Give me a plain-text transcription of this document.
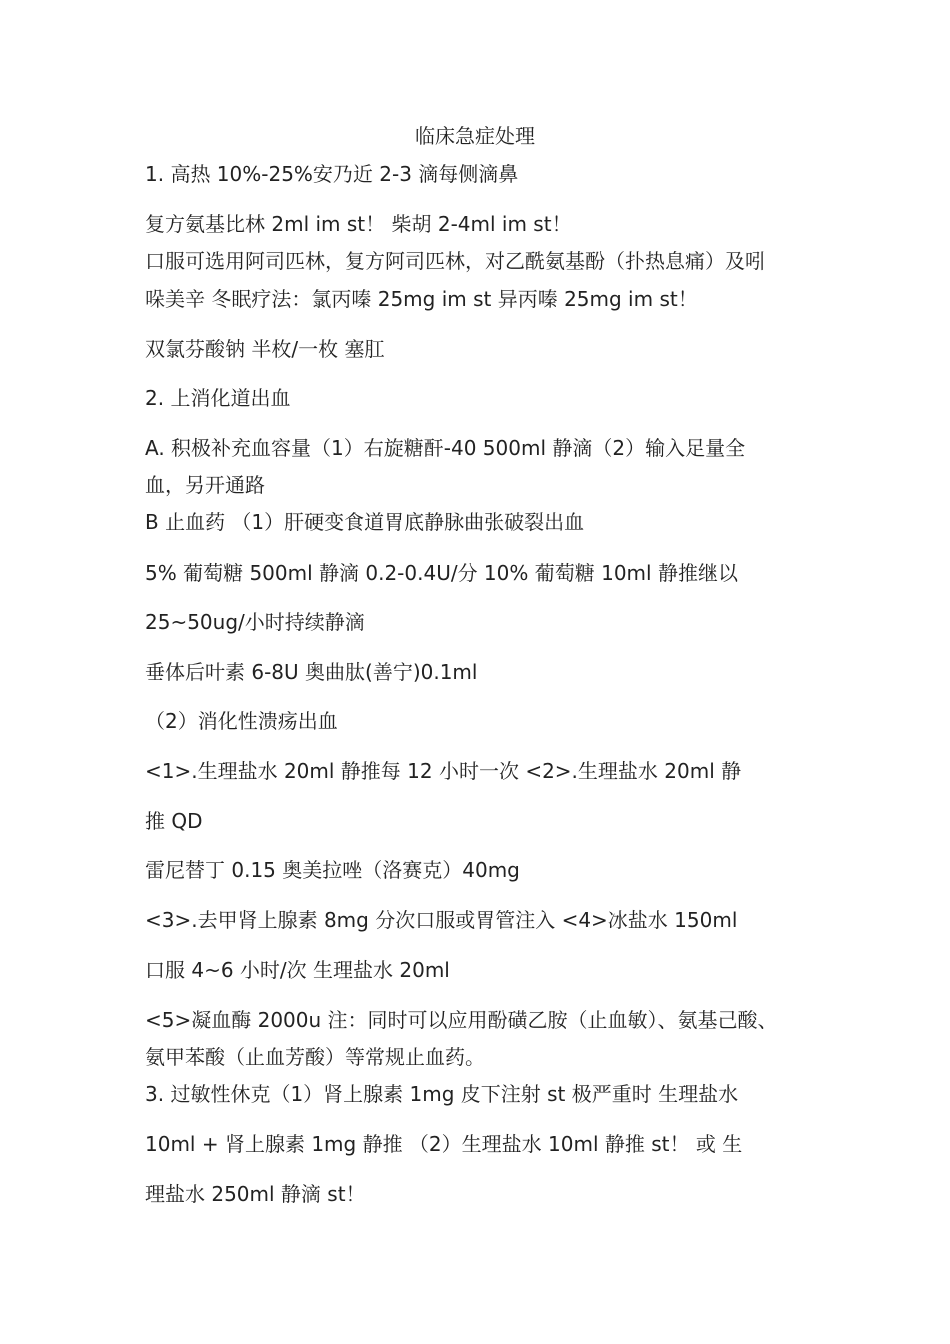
临床急症处理
1. 高热 10%-25%安乃近 2-3 滴每侧滴鼻
复方氨基比林 2ml im st！ 柴胡 2-4ml im st！
口服可选用阿司匹林，复方阿司匹林，对乙酰氨基酚（扑热息痛）及吲
哚美辛 冬眠疗法：氯丙嗪 25mg im st 异丙嗪 25mg im st！
双氯芬酸钠 半枚/一枚 塞肛
2. 上消化道出血
A. 积极补充血容量（1）右旋糖酐-40 500ml 静滴（2）输入足量全
血，另开通路
B 止血药 （1）肝硬变食道胃底静脉曲张破裂出血
5% 葡萄糖 500ml 静滴 0.2-0.4U/分 10% 葡萄糖 10ml 静推继以
25~50ug/小时持续静滴
垂体后叶素 6-8U 奥曲肽(善宁)0.1ml
（2）消化性溃疡出血
<1>.生理盐水 20ml 静推每 12 小时一次 <2>.生理盐水 20ml 静
推 QD
雷尼替丁 0.15 奥美拉唑（洛赛克）40mg
<3>.去甲肾上腺素 8mg 分次口服或胃管注入 <4>冰盐水 150ml
口服 4~6 小时/次 生理盐水 20ml
<5>凝血酶 2000u 注：同时可以应用酚磺乙胺（止血敏）、氨基己酸、
氨甲苯酸（止血芳酸）等常规止血药。
3. 过敏性休克（1）肾上腺素 1mg 皮下注射 st 极严重时 生理盐水
10ml + 肾上腺素 1mg 静推 （2）生理盐水 10ml 静推 st！ 或 生
理盐水 250ml 静滴 st！
